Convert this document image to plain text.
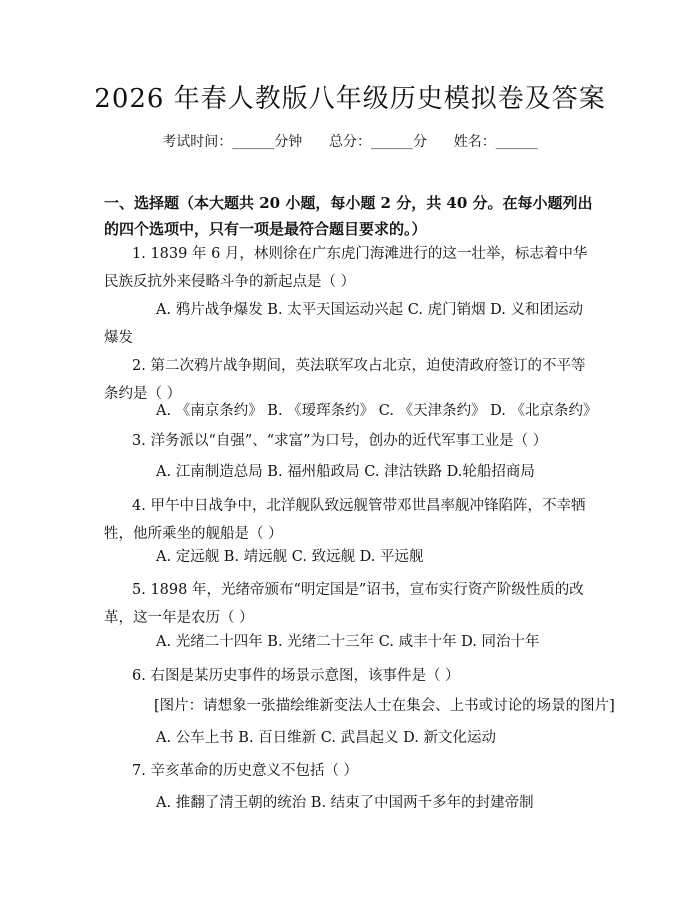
2026 年春人教版八年级历史模拟卷及答案
考试时间：______分钟      总分：______分      姓名：______
一、选择题（本大题共 20 小题，每小题 2 分，共 40 分。在每小题列出的四个选项中，只有一项是最符合题目要求的。）
1. 1839 年 6 月，林则徐在广东虎门海滩进行的这一壮举，标志着中华民族反抗外来侵略斗争的新起点是（ ）
A. 鸦片战争爆发 B. 太平天国运动兴起 C. 虎门销烟 D. 义和团运动爆发
2. 第二次鸦片战争期间，英法联军攻占北京，迫使清政府签订的不平等条约是（ ）
A. 《南京条约》 B. 《瑷珲条约》 C. 《天津条约》 D. 《北京条约》
3. 洋务派以“自强”、“求富”为口号，创办的近代军事工业是（ ）
A. 江南制造总局 B. 福州船政局 C. 津沽铁路 D.轮船招商局
4. 甲午中日战争中，北洋舰队致远舰管带邓世昌率舰冲锋陷阵，不幸牺牲，他所乘坐的舰船是（ ）
A. 定远舰 B. 靖远舰 C. 致远舰 D. 平远舰
5. 1898 年，光绪帝颁布“明定国是”诏书，宣布实行资产阶级性质的改革，这一年是农历（ ）
A. 光绪二十四年 B. 光绪二十三年 C. 咸丰十年 D. 同治十年
6. 右图是某历史事件的场景示意图，该事件是（ ）
[图片：请想象一张描绘维新变法人士在集会、上书或讨论的场景的图片]
A. 公车上书 B. 百日维新 C. 武昌起义 D. 新文化运动
7. 辛亥革命的历史意义不包括（ ）
A. 推翻了清王朝的统治 B. 结束了中国两千多年的封建帝制
